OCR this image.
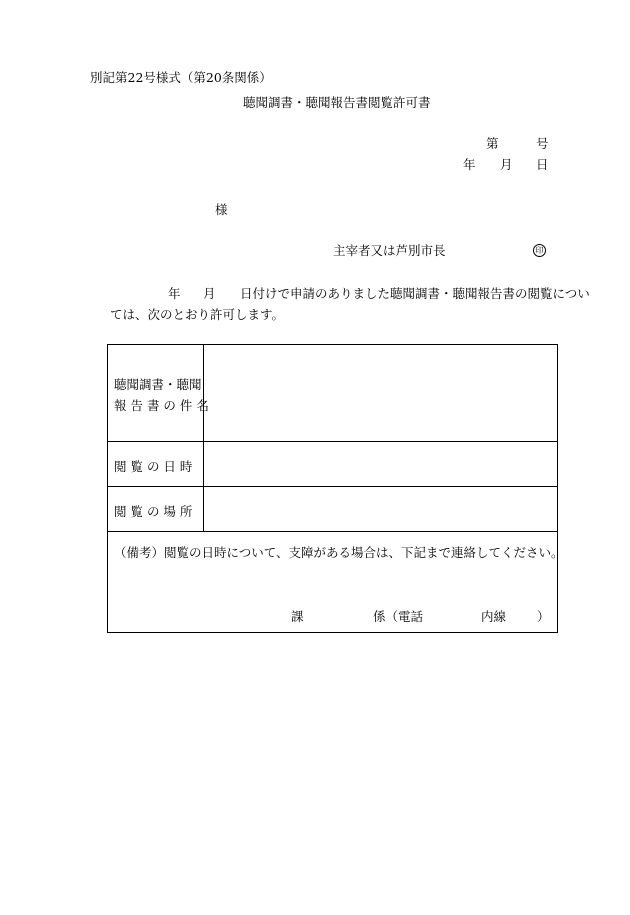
別記第22号様式（第20条関係）
聴聞調書・聴聞報告書閲覧許可書
第	号
年 月 日
様
主宰者又は芦別市長	印
年 月 日付けで申請のありました聴聞調書・聴聞報告書の閲覧につい
ては、次のとおり許可します。
聴聞調書・聴聞
報 告 書 の 件 名
閲 覧 の 日 時
閲 覧 の 場 所
（備考）閲覧の日時について、支障がある場合は、下記まで連絡してください。
課	係（電話	内線 ）
